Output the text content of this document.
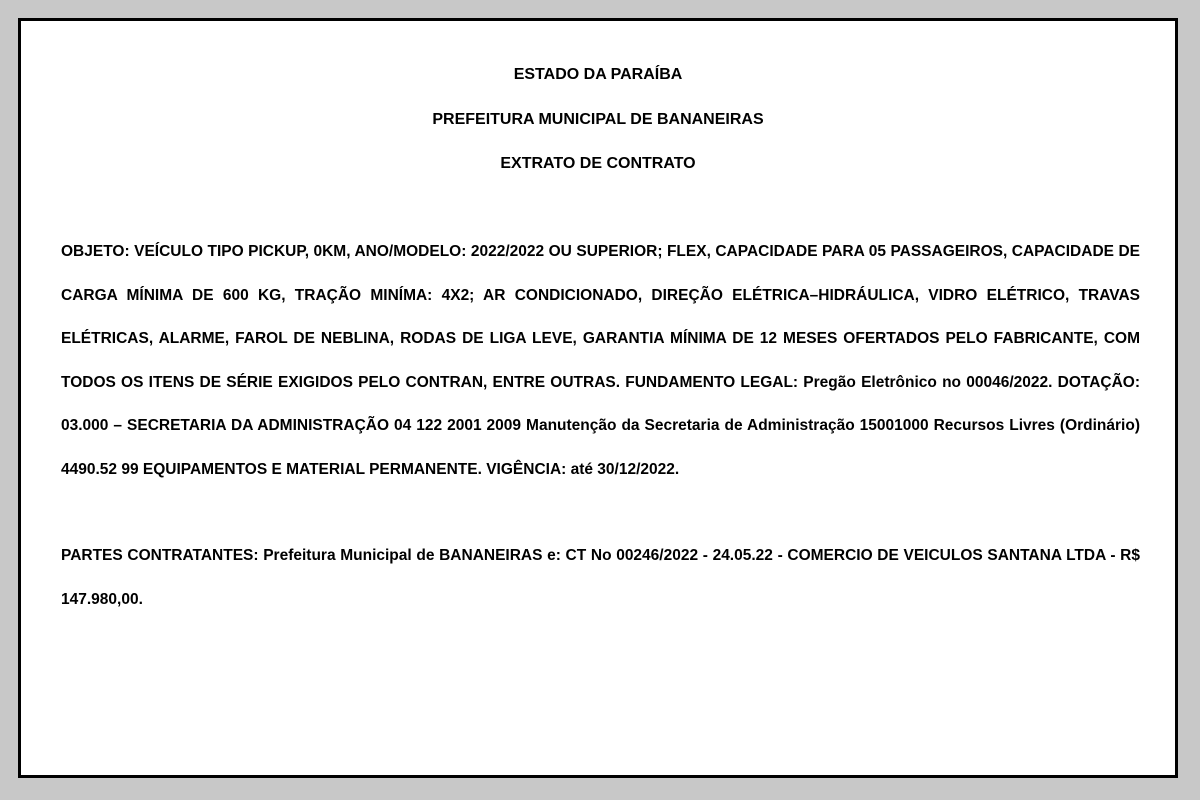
ESTADO DA PARAÍBA

PREFEITURA MUNICIPAL DE BANANEIRAS

EXTRATO DE CONTRATO

OBJETO: VEÍCULO TIPO PICKUP, 0KM, ANO/MODELO: 2022/2022 OU SUPERIOR; FLEX, CAPACIDADE PARA 05 PASSAGEIROS, CAPACIDADE DE CARGA MÍNIMA DE 600 KG, TRAÇÃO MINÍMA: 4X2; AR CONDICIONADO, DIREÇÃO ELÉTRICA–HIDRÁULICA, VIDRO ELÉTRICO, TRAVAS ELÉTRICAS, ALARME, FAROL DE NEBLINA, RODAS DE LIGA LEVE, GARANTIA MÍNIMA DE 12 MESES OFERTADOS PELO FABRICANTE, COM TODOS OS ITENS DE SÉRIE EXIGIDOS PELO CONTRAN, ENTRE OUTRAS. FUNDAMENTO LEGAL: Pregão Eletrônico no 00046/2022. DOTAÇÃO: 03.000 – SECRETARIA DA ADMINISTRAÇÃO 04 122 2001 2009 Manutenção da Secretaria de Administração 15001000 Recursos Livres (Ordinário) 4490.52 99 EQUIPAMENTOS E MATERIAL PERMANENTE. VIGÊNCIA: até 30/12/2022.

PARTES CONTRATANTES: Prefeitura Municipal de BANANEIRAS e: CT No 00246/2022 - 24.05.22 - COMERCIO DE VEICULOS SANTANA LTDA - R$ 147.980,00.
